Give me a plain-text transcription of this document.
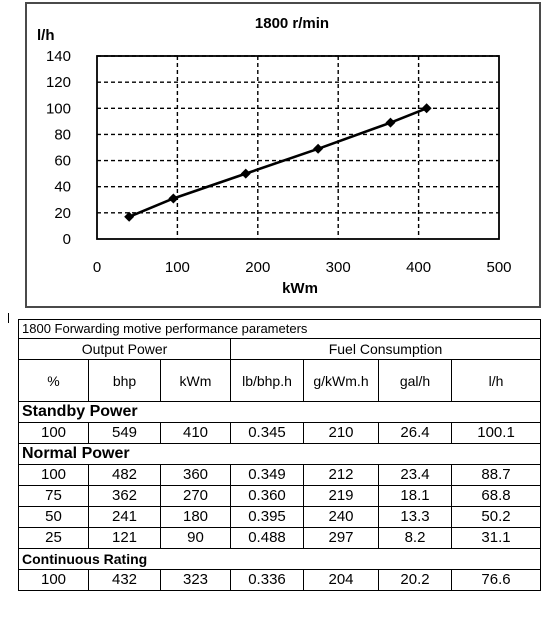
0
20
40
60
80
100
120
140
0	100	200	300	400	500
1800 r/min
l/h
kWm
1800 Forwarding motive performance parameters						
Output Power			Fuel Consumption			
%	bhp	kWm	lb/bhp.h	g/kWm.h	gal/h	l/h
Standby Power						
100	549	410	0.345	210	26.4	100.1
Normal Power						
100	482	360	0.349	212	23.4	88.7
75	362	270	0.360	219	18.1	68.8
50	241	180	0.395	240	13.3	50.2
25	121	90	0.488	297	8.2	31.1
Continuous Rating						
100	432	323	0.336	204	20.2	76.6
